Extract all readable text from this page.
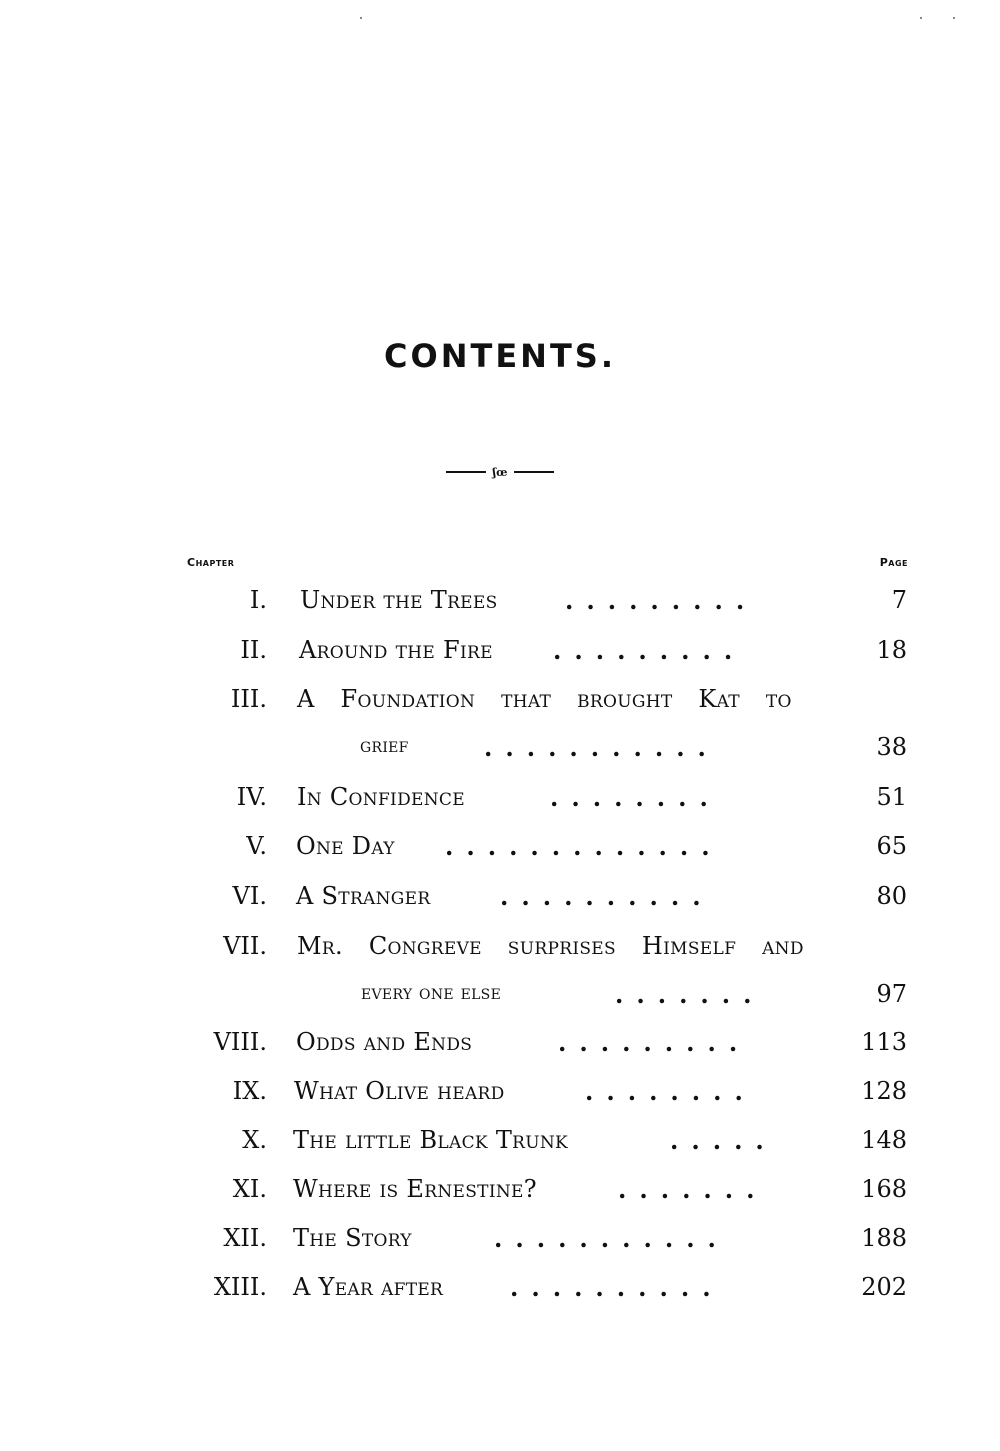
CONTENTS.
ʃœ
Chapter	Page
I. Under the Trees	.........	7
II. Around the Fire	.........	18
III. A Foundation that brought Kat to
grief	...........	38
IV. In Confidence	........	51
V. One Day .............	65
VI. A Stranger	..........	80
VII. Mr. Congreve surprises Himself and
every one else	.......	97
VIII. Odds and Ends	.........	113
IX. What Olive heard	........	128
X. The little Black Trunk	.....	148
XI. Where is Ernestine?	.......	168
XII. The Story	...........	188
XIII. A Year after	..........	202
